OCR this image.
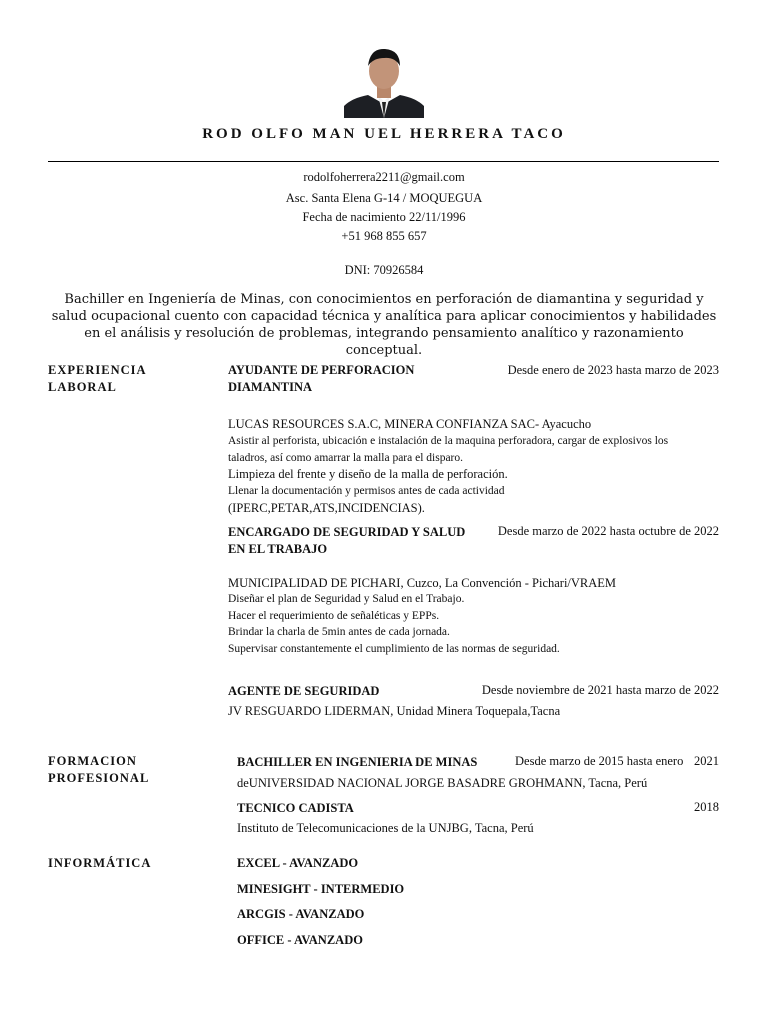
ROD OLFO MAN UEL HERRERA TACO
rodolfoherrera2211@gmail.com
Asc. Santa Elena G-14 / MOQUEGUA
Fecha de nacimiento 22/11/1996
+51 968 855 657
DNI: 70926584
Bachiller en Ingeniería de Minas, con conocimientos en perforación de diamantina y seguridad y salud ocupacional cuento con capacidad técnica y analítica para aplicar conocimientos y habilidades en el análisis y resolución de problemas, integrando pensamiento analítico y razonamiento conceptual.
EXPERIENCIA
LABORAL
AYUDANTE DE PERFORACION
DIAMANTINA
Desde enero de 2023 hasta marzo de 2023
LUCAS RESOURCES S.A.C, MINERA CONFIANZA SAC- Ayacucho
Asistir al perforista, ubicación e instalación de la maquina perforadora, cargar de explosivos los
taladros, así como amarrar la malla para el disparo.
Limpieza del frente y diseño de la malla de perforación.
Llenar la documentación y permisos antes de cada actividad
(IPERC,PETAR,ATS,INCIDENCIAS).
ENCARGADO DE SEGURIDAD Y SALUD
EN EL TRABAJO
Desde marzo de 2022 hasta octubre de 2022
MUNICIPALIDAD DE PICHARI, Cuzco, La Convención - Pichari/VRAEM
Diseñar el plan de Seguridad y Salud en el Trabajo.
Hacer el requerimiento de señaléticas y EPPs.
Brindar la charla de 5min antes de cada jornada.
Supervisar constantemente el cumplimiento de las normas de seguridad.
AGENTE DE SEGURIDAD	Desde noviembre de 2021 hasta marzo de 2022
JV RESGUARDO LIDERMAN, Unidad Minera Toquepala,Tacna
FORMACION
PROFESIONAL
BACHILLER EN INGENIERIA DE MINAS	Desde marzo de 2015 hasta enero 2021
deUNIVERSIDAD NACIONAL JORGE BASADRE GROHMANN, Tacna, Perú
TECNICO CADISTA	2018
Instituto de Telecomunicaciones de la UNJBG, Tacna, Perú
INFORMÁTICA	EXCEL - AVANZADO
MINESIGHT - INTERMEDIO
ARCGIS - AVANZADO
OFFICE - AVANZADO
